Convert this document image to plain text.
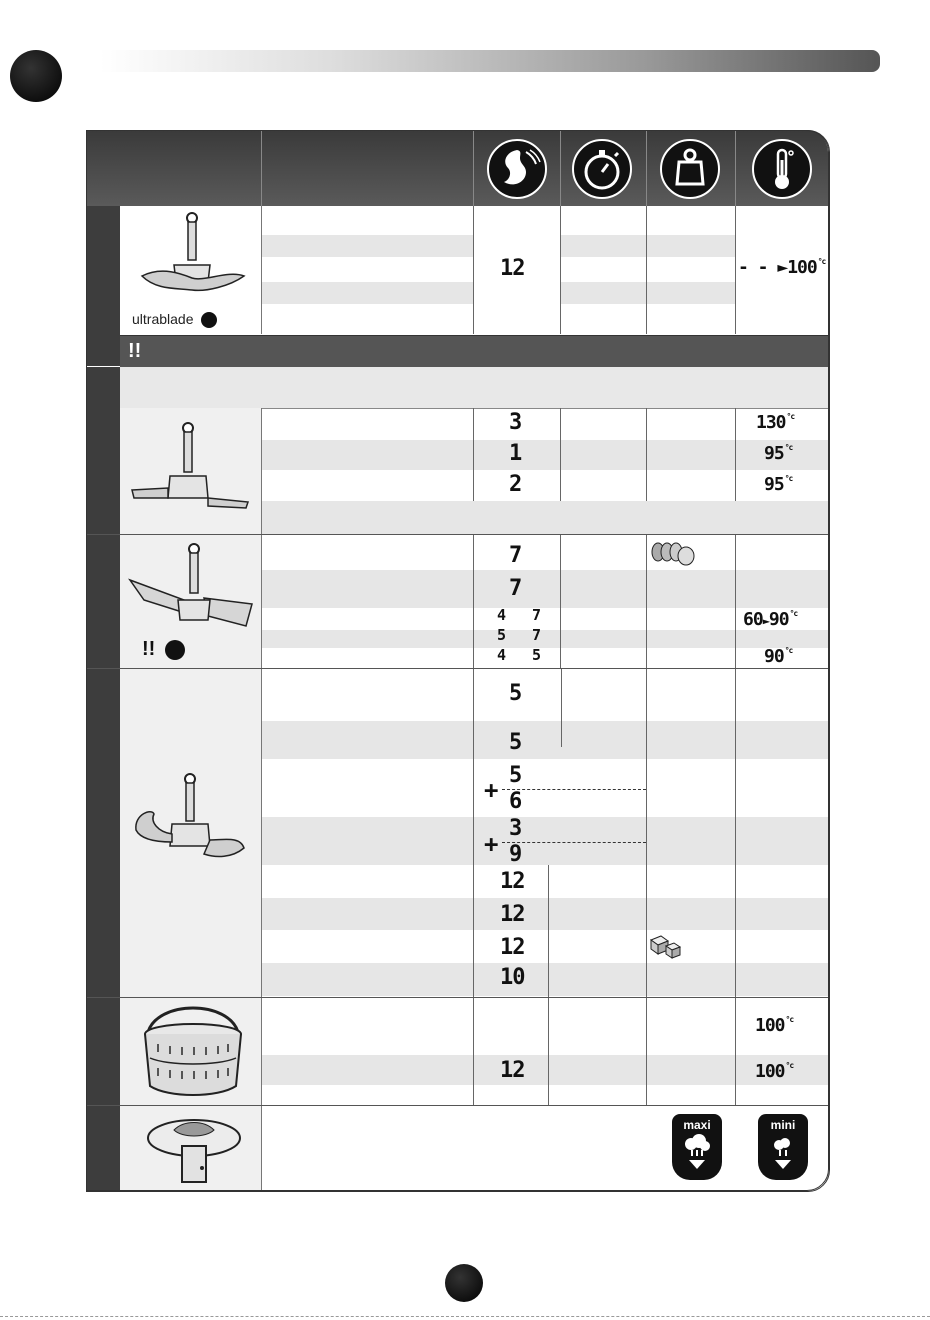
ultrablade
12	- - $►100^{^\circ c}$
!!
3
1
2
$130^{^\circ c}$
$95^{^\circ c}$
$95^{^\circ c}$
!!
7
7
4 7
5 7
4 5
$60►90^{^\circ c}$
$90^{^\circ c}$
5
5
+
5
6
+
3
9
12
12
12
10
12
$100^{^\circ c}$
$100^{^\circ c}$
maxi	mini
